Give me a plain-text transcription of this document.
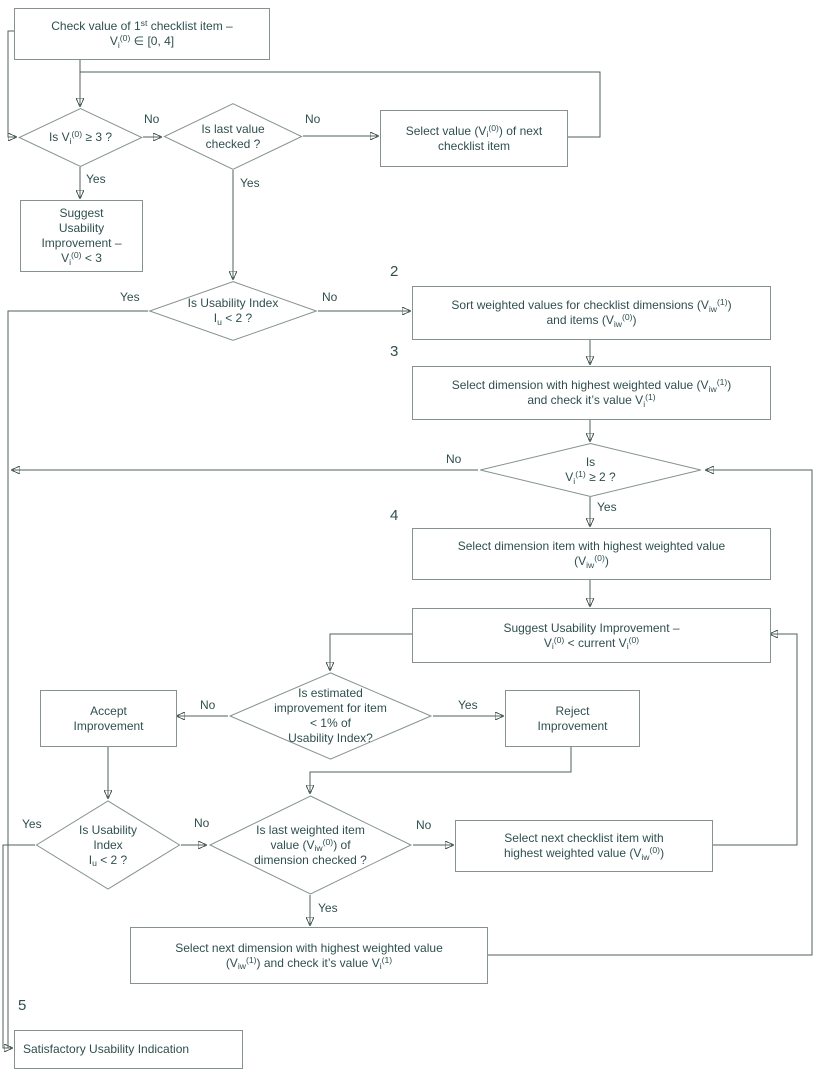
Check value of 1st checklist item –
$V_i^{(0)}$ ∈ [0, 4]
Select value $(V_i^{(0)})$ of next
checklist item
Suggest
Usability
Improvement –
$V_i^{(0)} < 3$
Sort weighted values for checklist dimensions $(V_{iw}^{(1)})$
and items $(V_{iw}^{(0)})$
Select dimension with highest weighted value $(V_{iw}^{(1)})$
and check it’s value $V_i^{(1)}$
Select dimension item with highest weighted value
$(V_{iw}^{(0)})$
Suggest Usability Improvement –
$V_i^{(0)}$ < current $V_i^{(0)}$
Accept
Improvement
Reject
Improvement
Select next checklist item with
highest weighted value $(V_{iw}^{(0)})$
Select next dimension with highest weighted value
$(V_{iw}^{(1)})$ and check it’s value $V_i^{(1)}$
Satisfactory Usability Indication
Is $V_i^{(0)} \ge 3$ ?
Is last value
checked ?
Is Usability Index
$I_u < 2$ ?
Is
$V_i^{(1)} \ge 2$ ?
Is estimated
improvement for item
< 1% of
Usability Index?
Is Usability
Index
$I_u < 2$ ?
Is last weighted item
value $(V_{iw}^{(0)})$ of
dimension checked ?
No
Yes
No
Yes
Yes	No
No
Yes
No	Yes
Yes	No	No
Yes
2
3
4
5
